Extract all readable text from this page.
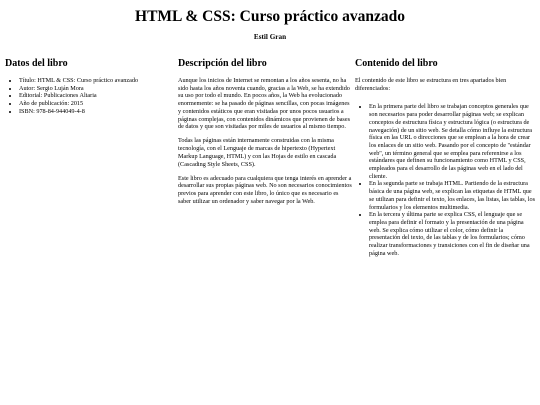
HTML & CSS: Curso práctico avanzado
Estil Gran
Datos del libro
• Título: HTML & CSS: Curso práctico avanzado
• Autor: Sergio Luján Mora
• Editorial: Publicaciones Altaria
• Año de publicación: 2015
• ISBN: 978-84-944049-4-8
Descripción del libro

Aunque los inicios de Internet se remontan a los años sesenta, no ha sido hasta los años noventa cuando, gracias a la Web, se ha extendido su uso por todo el mundo. En pocos años, la Web ha evolucionado enormemente: se ha pasado de páginas sencillas, con pocas imágenes y contenidos estáticos que eran visitadas por unos pocos usuarios a páginas complejas, con contenidos dinámicos que provienen de bases de datos y que son visitadas por miles de usuarios al mismo tiempo.

Todas las páginas están internamente construidas con la misma tecnología, con el Lenguaje de marcas de hipertexto (Hypertext Markup Language, HTML) y con las Hojas de estilo en cascada (Cascading Style Sheets, CSS).

Este libro es adecuado para cualquiera que tenga interés en aprender a desarrollar sus propias páginas web. No son necesarios conocimientos previos para aprender con este libro, lo único que es necesario es saber utilizar un ordenador y saber navegar por la Web.

Contenido del libro

El contenido de este libro se estructura en tres apartados bien diferenciados:

• En la primera parte del libro se trabajan conceptos generales que son necesarios para poder desarrollar páginas web; se explican conceptos de estructura física y estructura lógica (o estructura de navegación) de un sitio web. Se detalla cómo influye la estructura física en las URL o direcciones que se emplean a la hora de crear los enlaces de un sitio web. Pasando por el concepto de "estándar web", un término general que se emplea para referenirse a los estándares que definen su funcionamiento como HTML y CSS, empleados para el desarrollo de las páginas web en el lado del cliente.
• En la segunda parte se trabaja HTML. Partiendo de la estructura básica de una página web, se explican las etiquetas de HTML que se utilizan para definir el texto, los enlaces, las listas, las tablas, los formularios y los elementos multimedia.
• En la tercera y última parte se explica CSS, el lenguaje que se emplea para definir el formato y la presentación de una página web. Se explica cómo utilizar el color, cómo definir la presentación del texto, de las tablas y de los formularios; cómo realizar transformaciones y transiciones con el fin de diseñar una página web.
